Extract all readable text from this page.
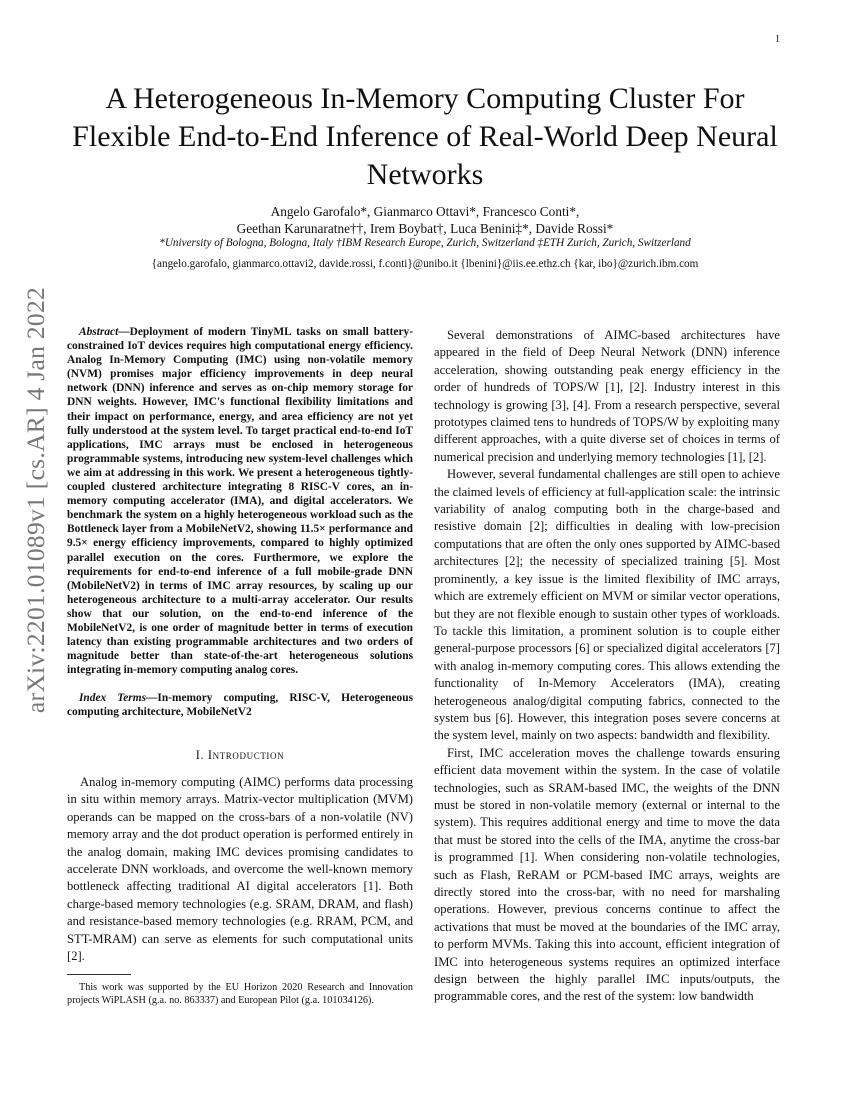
1
arXiv:2201.01089v1 [cs.AR] 4 Jan 2022
A Heterogeneous In-Memory Computing Cluster For Flexible End-to-End Inference of Real-World Deep Neural Networks
Angelo Garofalo*, Gianmarco Ottavi*, Francesco Conti*,
Geethan Karunaratne††, Irem Boybat†, Luca Benini‡*, Davide Rossi*
*University of Bologna, Bologna, Italy †IBM Research Europe, Zurich, Switzerland ‡ETH Zurich, Zurich, Switzerland
{angelo.garofalo, gianmarco.ottavi2, davide.rossi, f.conti}@unibo.it {lbenini}@iis.ee.ethz.ch {kar, ibo}@zurich.ibm.com

Abstract—Deployment of modern TinyML tasks on small battery-constrained IoT devices requires high computational energy efficiency. Analog In-Memory Computing (IMC) using non-volatile memory (NVM) promises major efficiency improvements in deep neural network (DNN) inference and serves as on-chip memory storage for DNN weights. However, IMC's functional flexibility limitations and their impact on performance, energy, and area efficiency are not yet fully understood at the system level. To target practical end-to-end IoT applications, IMC arrays must be enclosed in heterogeneous programmable systems, introducing new system-level challenges which we aim at addressing in this work. We present a heterogeneous tightly-coupled clustered architecture integrating 8 RISC-V cores, an in-memory computing accelerator (IMA), and digital accelerators. We benchmark the system on a highly heterogeneous workload such as the Bottleneck layer from a MobileNetV2, showing 11.5× performance and 9.5× energy efficiency improvements, compared to highly optimized parallel execution on the cores. Furthermore, we explore the requirements for end-to-end inference of a full mobile-grade DNN (MobileNetV2) in terms of IMC array resources, by scaling up our heterogeneous architecture to a multi-array accelerator. Our results show that our solution, on the end-to-end inference of the MobileNetV2, is one order of magnitude better in terms of execution latency than existing programmable architectures and two orders of magnitude better than state-of-the-art heterogeneous solutions integrating in-memory computing analog cores.

Index Terms—In-memory computing, RISC-V, Heterogeneous computing architecture, MobileNetV2

I. Introduction

Analog in-memory computing (AIMC) performs data processing in situ within memory arrays. Matrix-vector multiplication (MVM) operands can be mapped on the cross-bars of a non-volatile (NV) memory array and the dot product operation is performed entirely in the analog domain, making IMC devices promising candidates to accelerate DNN workloads, and overcome the well-known memory bottleneck affecting traditional AI digital accelerators [1]. Both charge-based memory technologies (e.g. SRAM, DRAM, and flash) and resistance-based memory technologies (e.g. RRAM, PCM, and STT-MRAM) can serve as elements for such computational units [2].

This work was supported by the EU Horizon 2020 Research and Innovation projects WiPLASH (g.a. no. 863337) and European Pilot (g.a. 101034126).

Several demonstrations of AIMC-based architectures have appeared in the field of Deep Neural Network (DNN) inference acceleration, showing outstanding peak energy efficiency in the order of hundreds of TOPS/W [1], [2]. Industry interest in this technology is growing [3], [4]. From a research perspective, several prototypes claimed tens to hundreds of TOPS/W by exploiting many different approaches, with a quite diverse set of choices in terms of numerical precision and underlying memory technologies [1], [2].

However, several fundamental challenges are still open to achieve the claimed levels of efficiency at full-application scale: the intrinsic variability of analog computing both in the charge-based and resistive domain [2]; difficulties in dealing with low-precision computations that are often the only ones supported by AIMC-based architectures [2]; the necessity of specialized training [5]. Most prominently, a key issue is the limited flexibility of IMC arrays, which are extremely efficient on MVM or similar vector operations, but they are not flexible enough to sustain other types of workloads. To tackle this limitation, a prominent solution is to couple either general-purpose processors [6] or specialized digital accelerators [7] with analog in-memory computing cores. This allows extending the functionality of In-Memory Accelerators (IMA), creating heterogeneous analog/digital computing fabrics, connected to the system bus [6]. However, this integration poses severe concerns at the system level, mainly on two aspects: bandwidth and flexibility.

First, IMC acceleration moves the challenge towards ensuring efficient data movement within the system. In the case of volatile technologies, such as SRAM-based IMC, the weights of the DNN must be stored in non-volatile memory (external or internal to the system). This requires additional energy and time to move the data that must be stored into the cells of the IMA, anytime the cross-bar is programmed [1]. When considering non-volatile technologies, such as Flash, ReRAM or PCM-based IMC arrays, weights are directly stored into the cross-bar, with no need for marshaling operations. However, previous concerns continue to affect the activations that must be moved at the boundaries of the IMC array, to perform MVMs. Taking this into account, efficient integration of IMC into heterogeneous systems requires an optimized interface design between the highly parallel IMC inputs/outputs, the programmable cores, and the rest of the system: low bandwidth
